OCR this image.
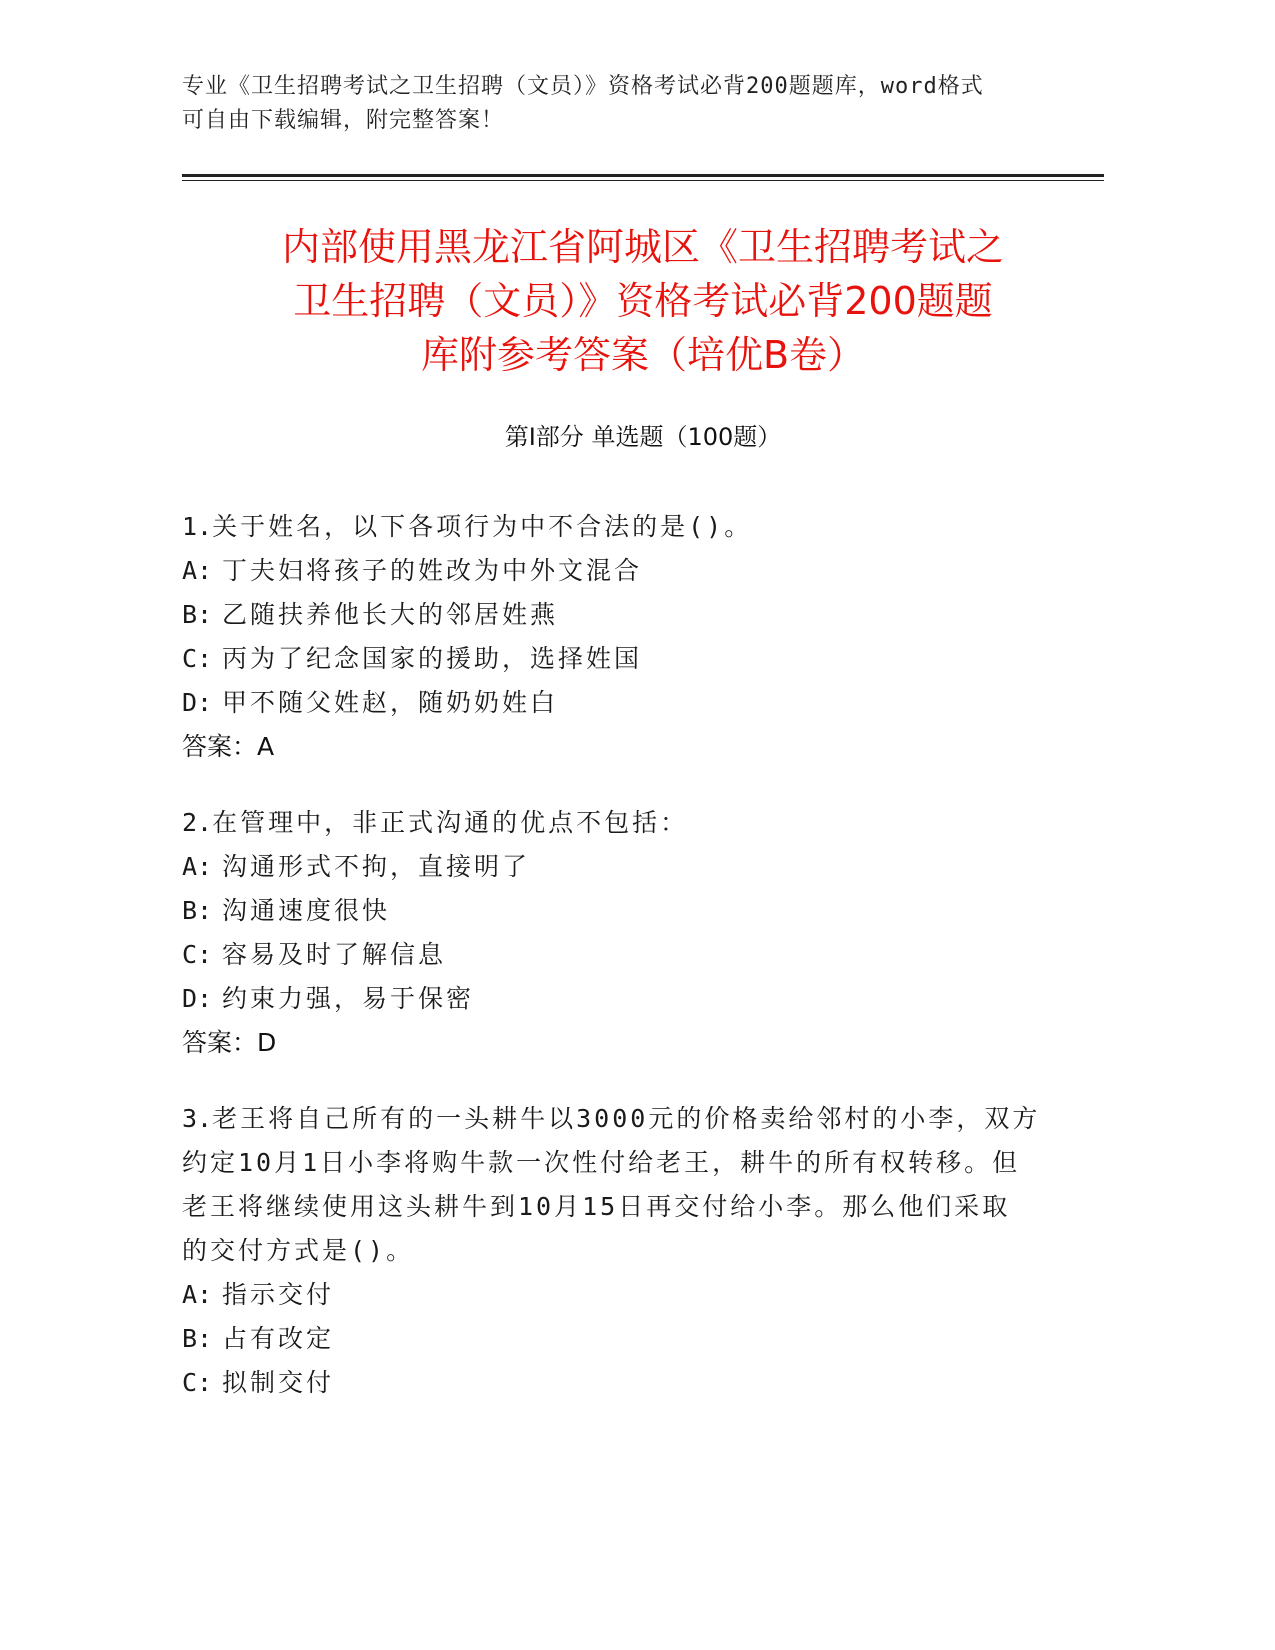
专业《卫生招聘考试之卫生招聘（文员）》资格考试必背200题题库，word格式
可自由下载编辑，附完整答案！
内部使用黑龙江省阿城区《卫生招聘考试之
卫生招聘（文员）》资格考试必背200题题
库附参考答案（培优B卷）
第Ⅰ部分 单选题（100题）
1.关于姓名，以下各项行为中不合法的是()。
A: 丁夫妇将孩子的姓改为中外文混合
B: 乙随扶养他长大的邻居姓燕
C: 丙为了纪念国家的援助，选择姓国
D: 甲不随父姓赵，随奶奶姓白
答案：A
2.在管理中，非正式沟通的优点不包括：
A: 沟通形式不拘，直接明了
B: 沟通速度很快
C: 容易及时了解信息
D: 约束力强，易于保密
答案：D
3.老王将自己所有的一头耕牛以3000元的价格卖给邻村的小李，双方
约定10月1日小李将购牛款一次性付给老王，耕牛的所有权转移。但
老王将继续使用这头耕牛到10月15日再交付给小李。那么他们采取
的交付方式是()。
A: 指示交付
B: 占有改定
C: 拟制交付
